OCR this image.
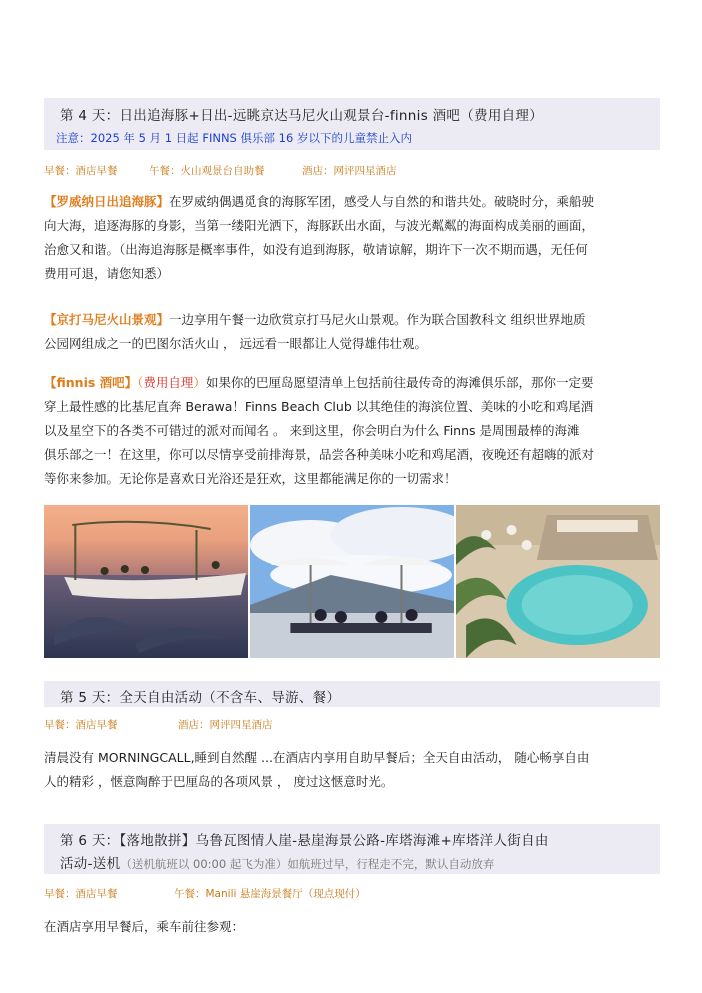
第 4 天：日出追海豚+日出-远眺京达马尼火山观景台-finnis 酒吧（费用自理）
注意：2025 年 5 月 1 日起 FINNS 俱乐部 16 岁以下的儿童禁止入内
早餐：酒店早餐	午餐：火山观景台自助餐	酒店：网评四星酒店
【罗威纳日出追海豚】在罗威纳偶遇觅食的海豚军团，感受人与自然的和谐共处。破晓时分，乘船驶
向大海，追逐海豚的身影，当第一缕阳光洒下，海豚跃出水面，与波光粼粼的海面构成美丽的画面，
治愈又和谐。（出海追海豚是概率事件，如没有追到海豚，敬请谅解，期许下一次不期而遇，无任何
费用可退，请您知悉）
【京打马尼火山景观】一边享用午餐一边欣赏京打马尼火山景观。作为联合国教科文 组织世界地质
公园网组成之一的巴图尔活火山 ， 远远看一眼都让人觉得雄伟壮观。
【finnis 酒吧】（费用自理）如果你的巴厘岛愿望清单上包括前往最传奇的海滩俱乐部，那你一定要
穿上最性感的比基尼直奔 Berawa！Finns Beach Club 以其绝佳的海滨位置、美味的小吃和鸡尾酒
以及星空下的各类不可错过的派对而闻名 。 来到这里，你会明白为什么 Finns 是周围最棒的海滩
俱乐部之一！在这里，你可以尽情享受前排海景，品尝各种美味小吃和鸡尾酒，夜晚还有超嗨的派对
等你来参加。无论你是喜欢日光浴还是狂欢，这里都能满足你的一切需求！
第 5 天：全天自由活动（不含车、导游、餐）
早餐：酒店早餐	酒店：网评四星酒店
清晨没有 MORNINGCALL,睡到自然醒 ...在酒店内享用自助早餐后；全天自由活动， 随心畅享自由
人的精彩 ，惬意陶醉于巴厘岛的各项风景 ， 度过这惬意时光。
第 6 天：【落地散拼】乌鲁瓦图情人崖-悬崖海景公路-库塔海滩+库塔洋人街自由
活动-送机（送机航班以 00:00 起飞为准）如航班过早，行程走不完，默认自动放弃
早餐：酒店早餐	午餐：Manili 悬崖海景餐厅（现点现付）
在酒店享用早餐后，乘车前往参观：
